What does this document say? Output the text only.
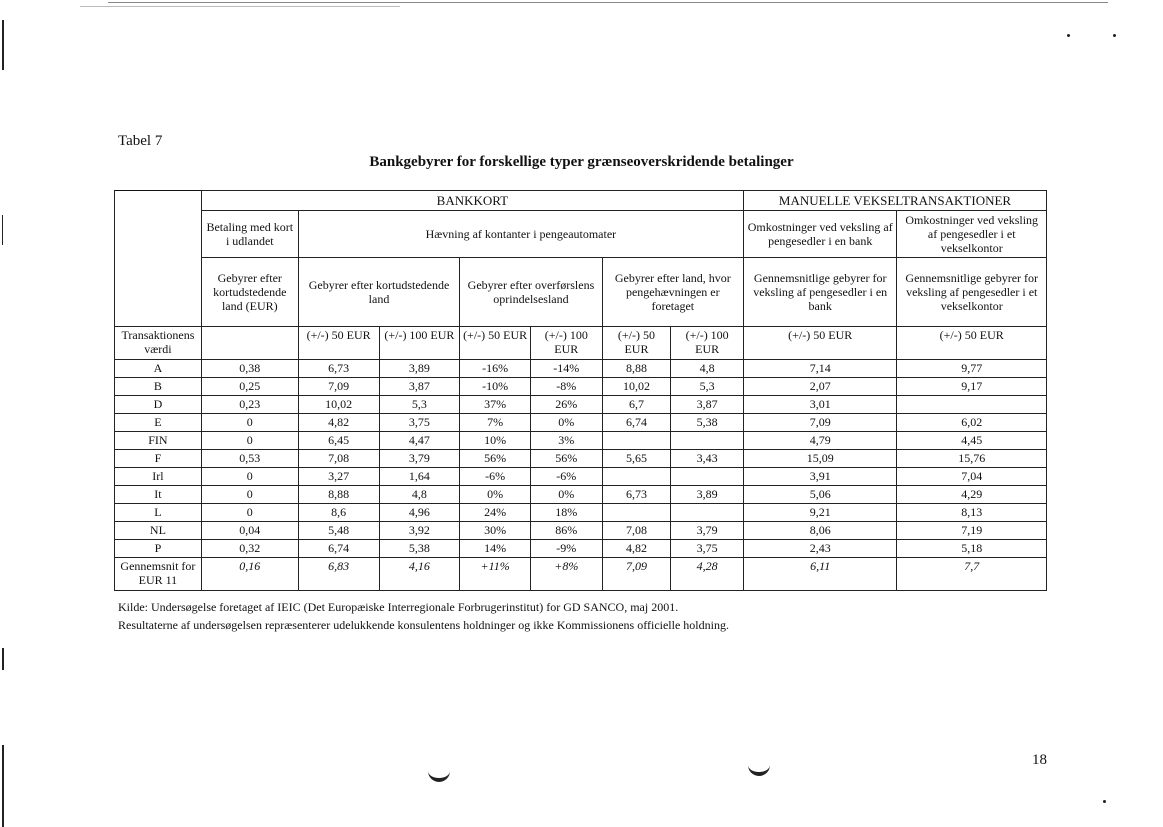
Tabel 7
Bankgebyrer for forskellige typer grænseoverskridende betalinger
	BANKKORT							MANUELLE VEKSELTRANSAKTIONER	
	Betaling med kort i udlandet	Hævning af kontanter i pengeautomater						Omkostninger ved veksling af pengesedler i en bank	Omkostninger ved veksling af pengesedler i et vekselkontor
	Gebyrer efter kortudstedende land (EUR)	Gebyrer efter kortudstedende land		Gebyrer efter overførslens oprindelsesland		Gebyrer efter land, hvor pengehævningen er foretaget		Gennemsnitlige gebyrer for veksling af pengesedler i en bank	Gennemsnitlige gebyrer for veksling af pengesedler i et vekselkontor
Transaktionens værdi		(+/-) 50 EUR	(+/-) 100 EUR	(+/-) 50 EUR	(+/-) 100 EUR	(+/-) 50 EUR	(+/-) 100 EUR	(+/-) 50 EUR	(+/-) 50 EUR
A	0,38	6,73	3,89	-16%	-14%	8,88	4,8	7,14	9,77
B	0,25	7,09	3,87	-10%	-8%	10,02	5,3	2,07	9,17
D	0,23	10,02	5,3	37%	26%	6,7	3,87	3,01	
E	0	4,82	3,75	7%	0%	6,74	5,38	7,09	6,02
FIN	0	6,45	4,47	10%	3%			4,79	4,45
F	0,53	7,08	3,79	56%	56%	5,65	3,43	15,09	15,76
Irl	0	3,27	1,64	-6%	-6%			3,91	7,04
It	0	8,88	4,8	0%	0%	6,73	3,89	5,06	4,29
L	0	8,6	4,96	24%	18%			9,21	8,13
NL	0,04	5,48	3,92	30%	86%	7,08	3,79	8,06	7,19
P	0,32	6,74	5,38	14%	-9%	4,82	3,75	2,43	5,18
Gennemsnit for EUR 11	0,16	6,83	4,16	+11%	+8%	7,09	4,28	6,11	7,7
Kilde: Undersøgelse foretaget af IEIC (Det Europæiske Interregionale Forbrugerinstitut) for GD SANCO, maj 2001.
Resultaterne af undersøgelsen repræsenterer udelukkende konsulentens holdninger og ikke Kommissionens officielle holdning.
18
